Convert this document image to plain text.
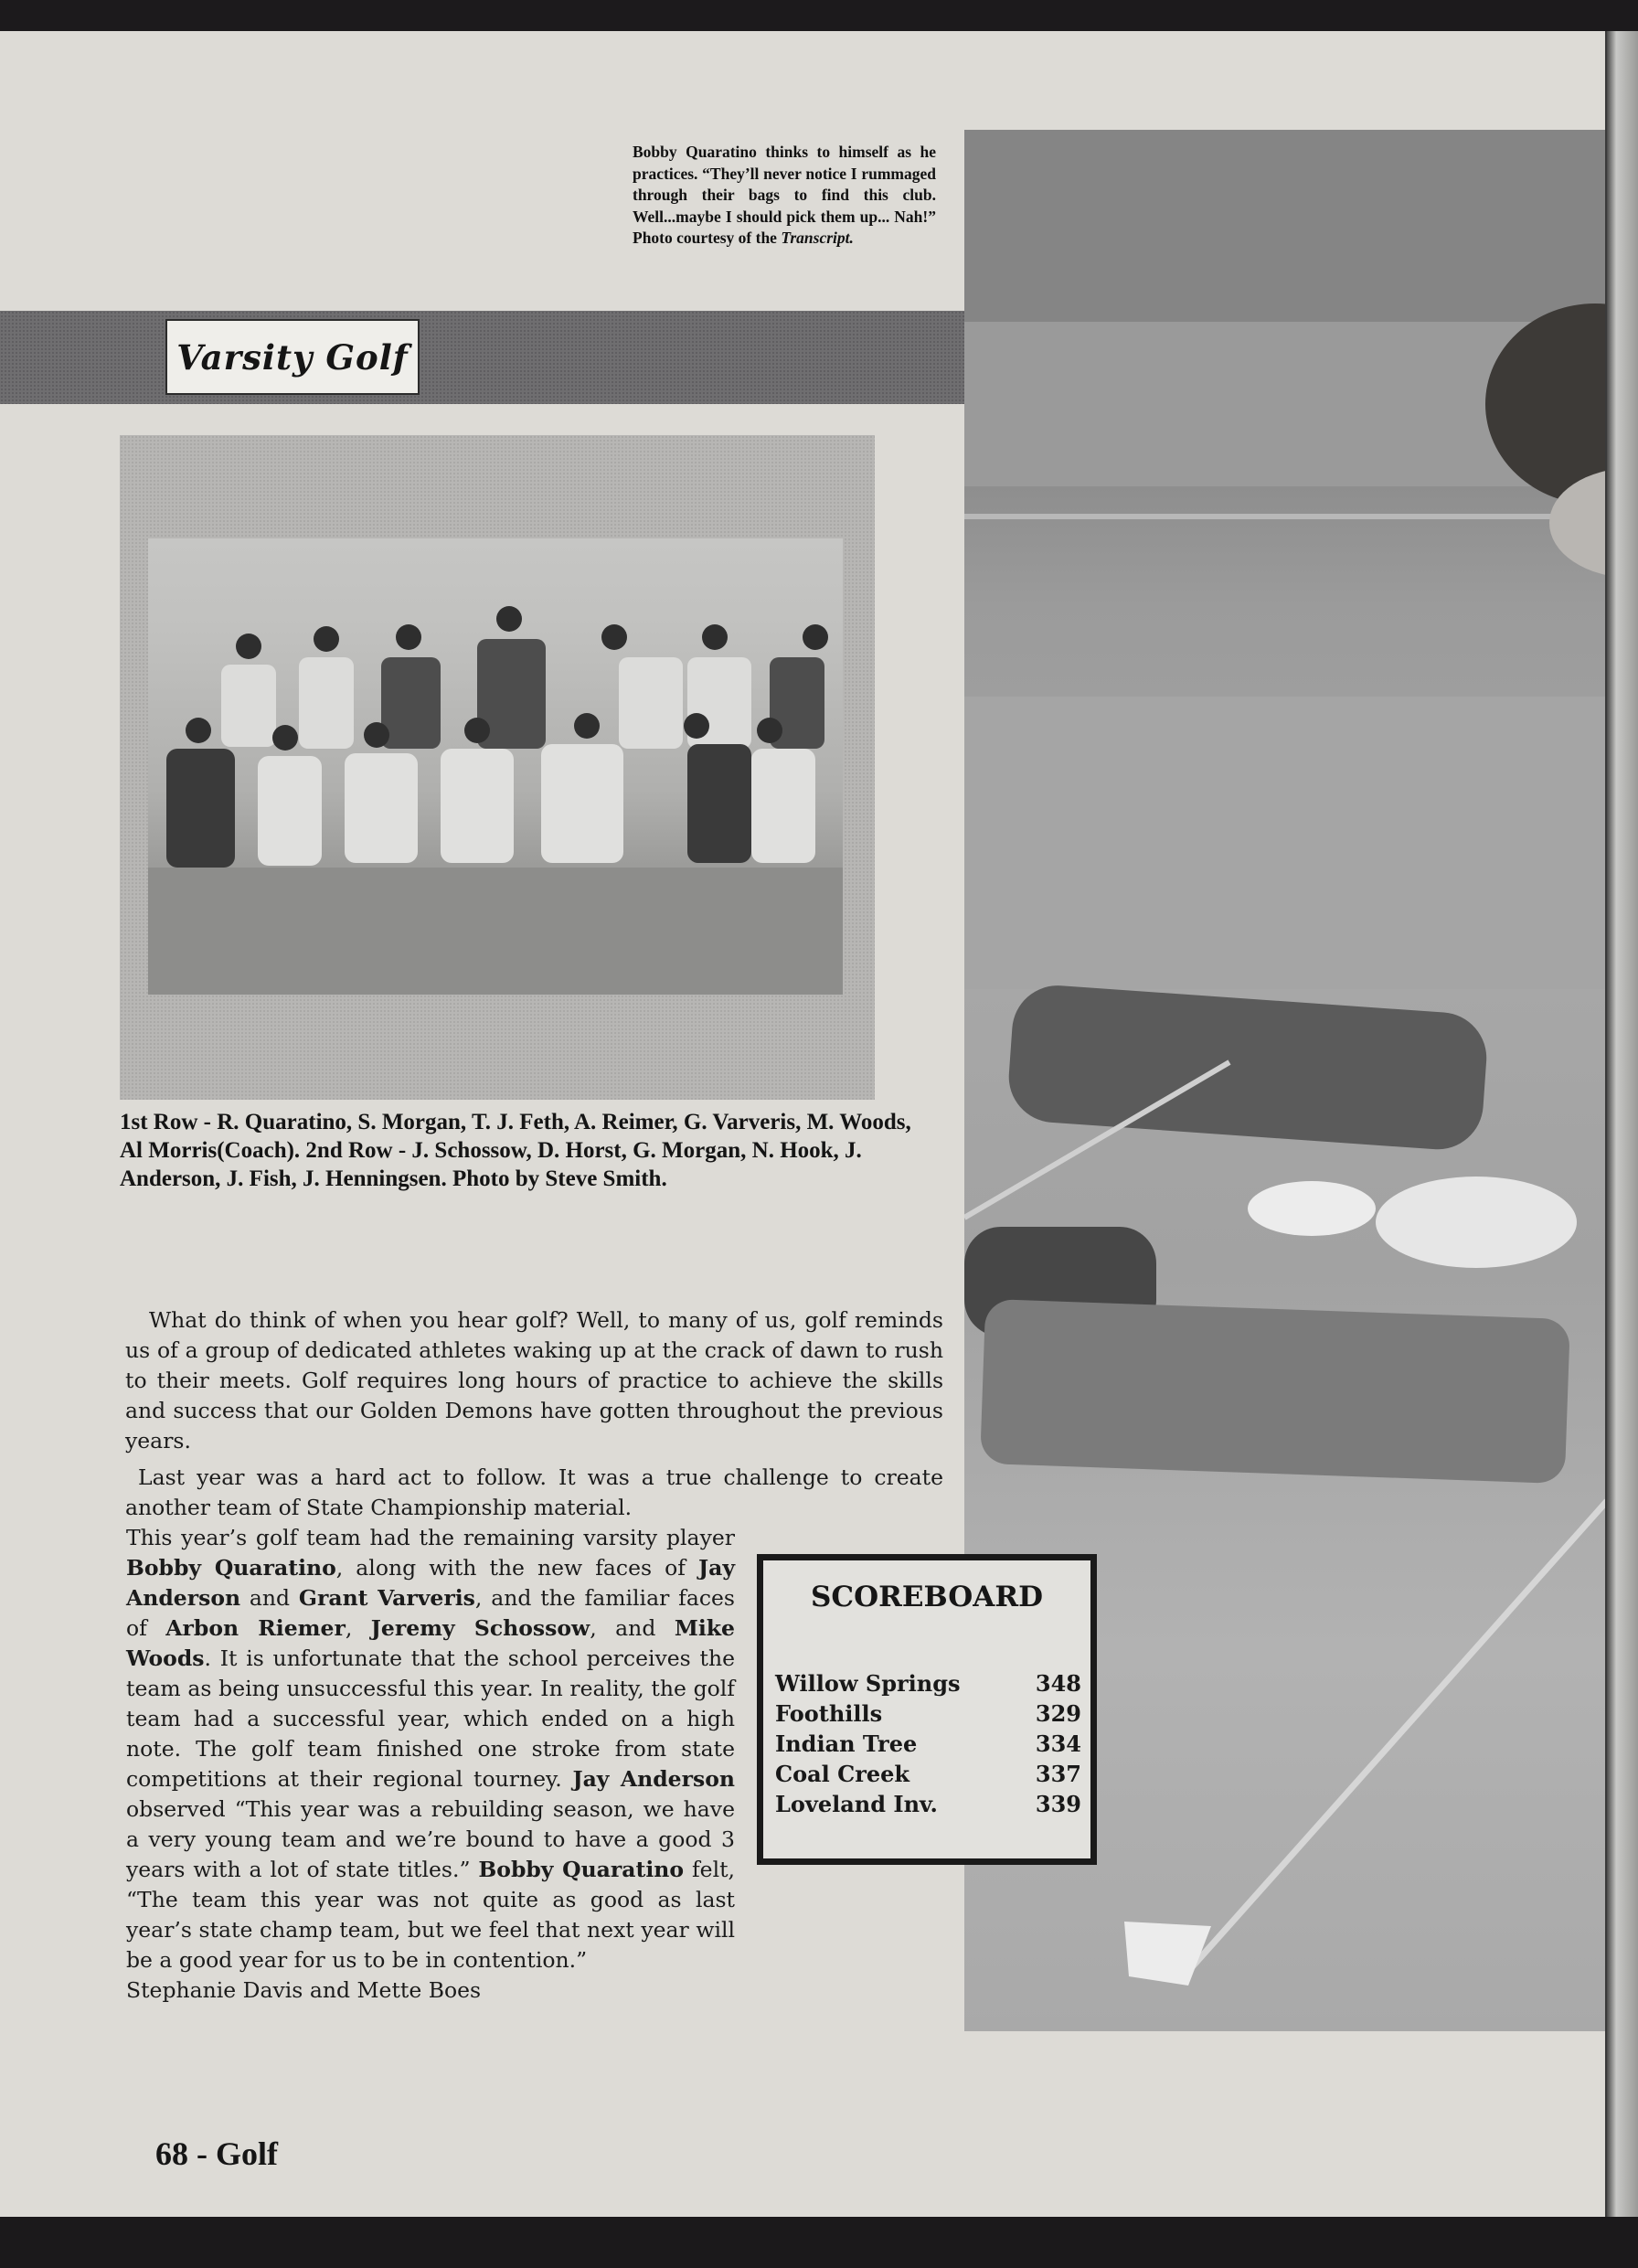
Bobby Quaratino thinks to himself as he practices. “They’ll never notice I rummaged through their bags to find this club. Well...maybe I should pick them up... Nah!” Photo courtesy of the Transcript.
Varsity Golf
1st Row - R. Quaratino, S. Morgan, T. J. Feth, A. Reimer, G. Varveris, M. Woods, Al Morris(Coach). 2nd Row - J. Schossow, D. Horst, G. Morgan, N. Hook, J. Anderson, J. Fish, J. Henningsen. Photo by Steve Smith.
What do think of when you hear golf? Well, to many of us, golf reminds us of a group of dedicated athletes waking up at the crack of dawn to rush to their meets. Golf requires long hours of practice to achieve the skills and success that our Golden Demons have gotten throughout the previous years.
Last year was a hard act to follow. It was a true challenge to create another team of State Championship material.
This year’s golf team had the remaining varsity player Bobby Quaratino, along with the new faces of Jay Anderson and Grant Varveris, and the familiar faces of Arbon Riemer, Jeremy Schossow, and Mike Woods. It is unfortunate that the school perceives the team as being unsuccessful this year. In reality, the golf team had a successful year, which ended on a high note. The golf team finished one stroke from state competitions at their regional tourney. Jay Anderson observed “This year was a rebuilding season, we have a very young team and we’re bound to have a good 3 years with a lot of state titles.” Bobby Quaratino felt, “The team this year was not quite as good as last year’s state champ team, but we feel that next year will be a good year for us to be in contention.”
Stephanie Davis and Mette Boes
SCOREBOARD
Willow Springs	348
Foothills	329
Indian Tree	334
Coal Creek	337
Loveland Inv.	339
68 - Golf
